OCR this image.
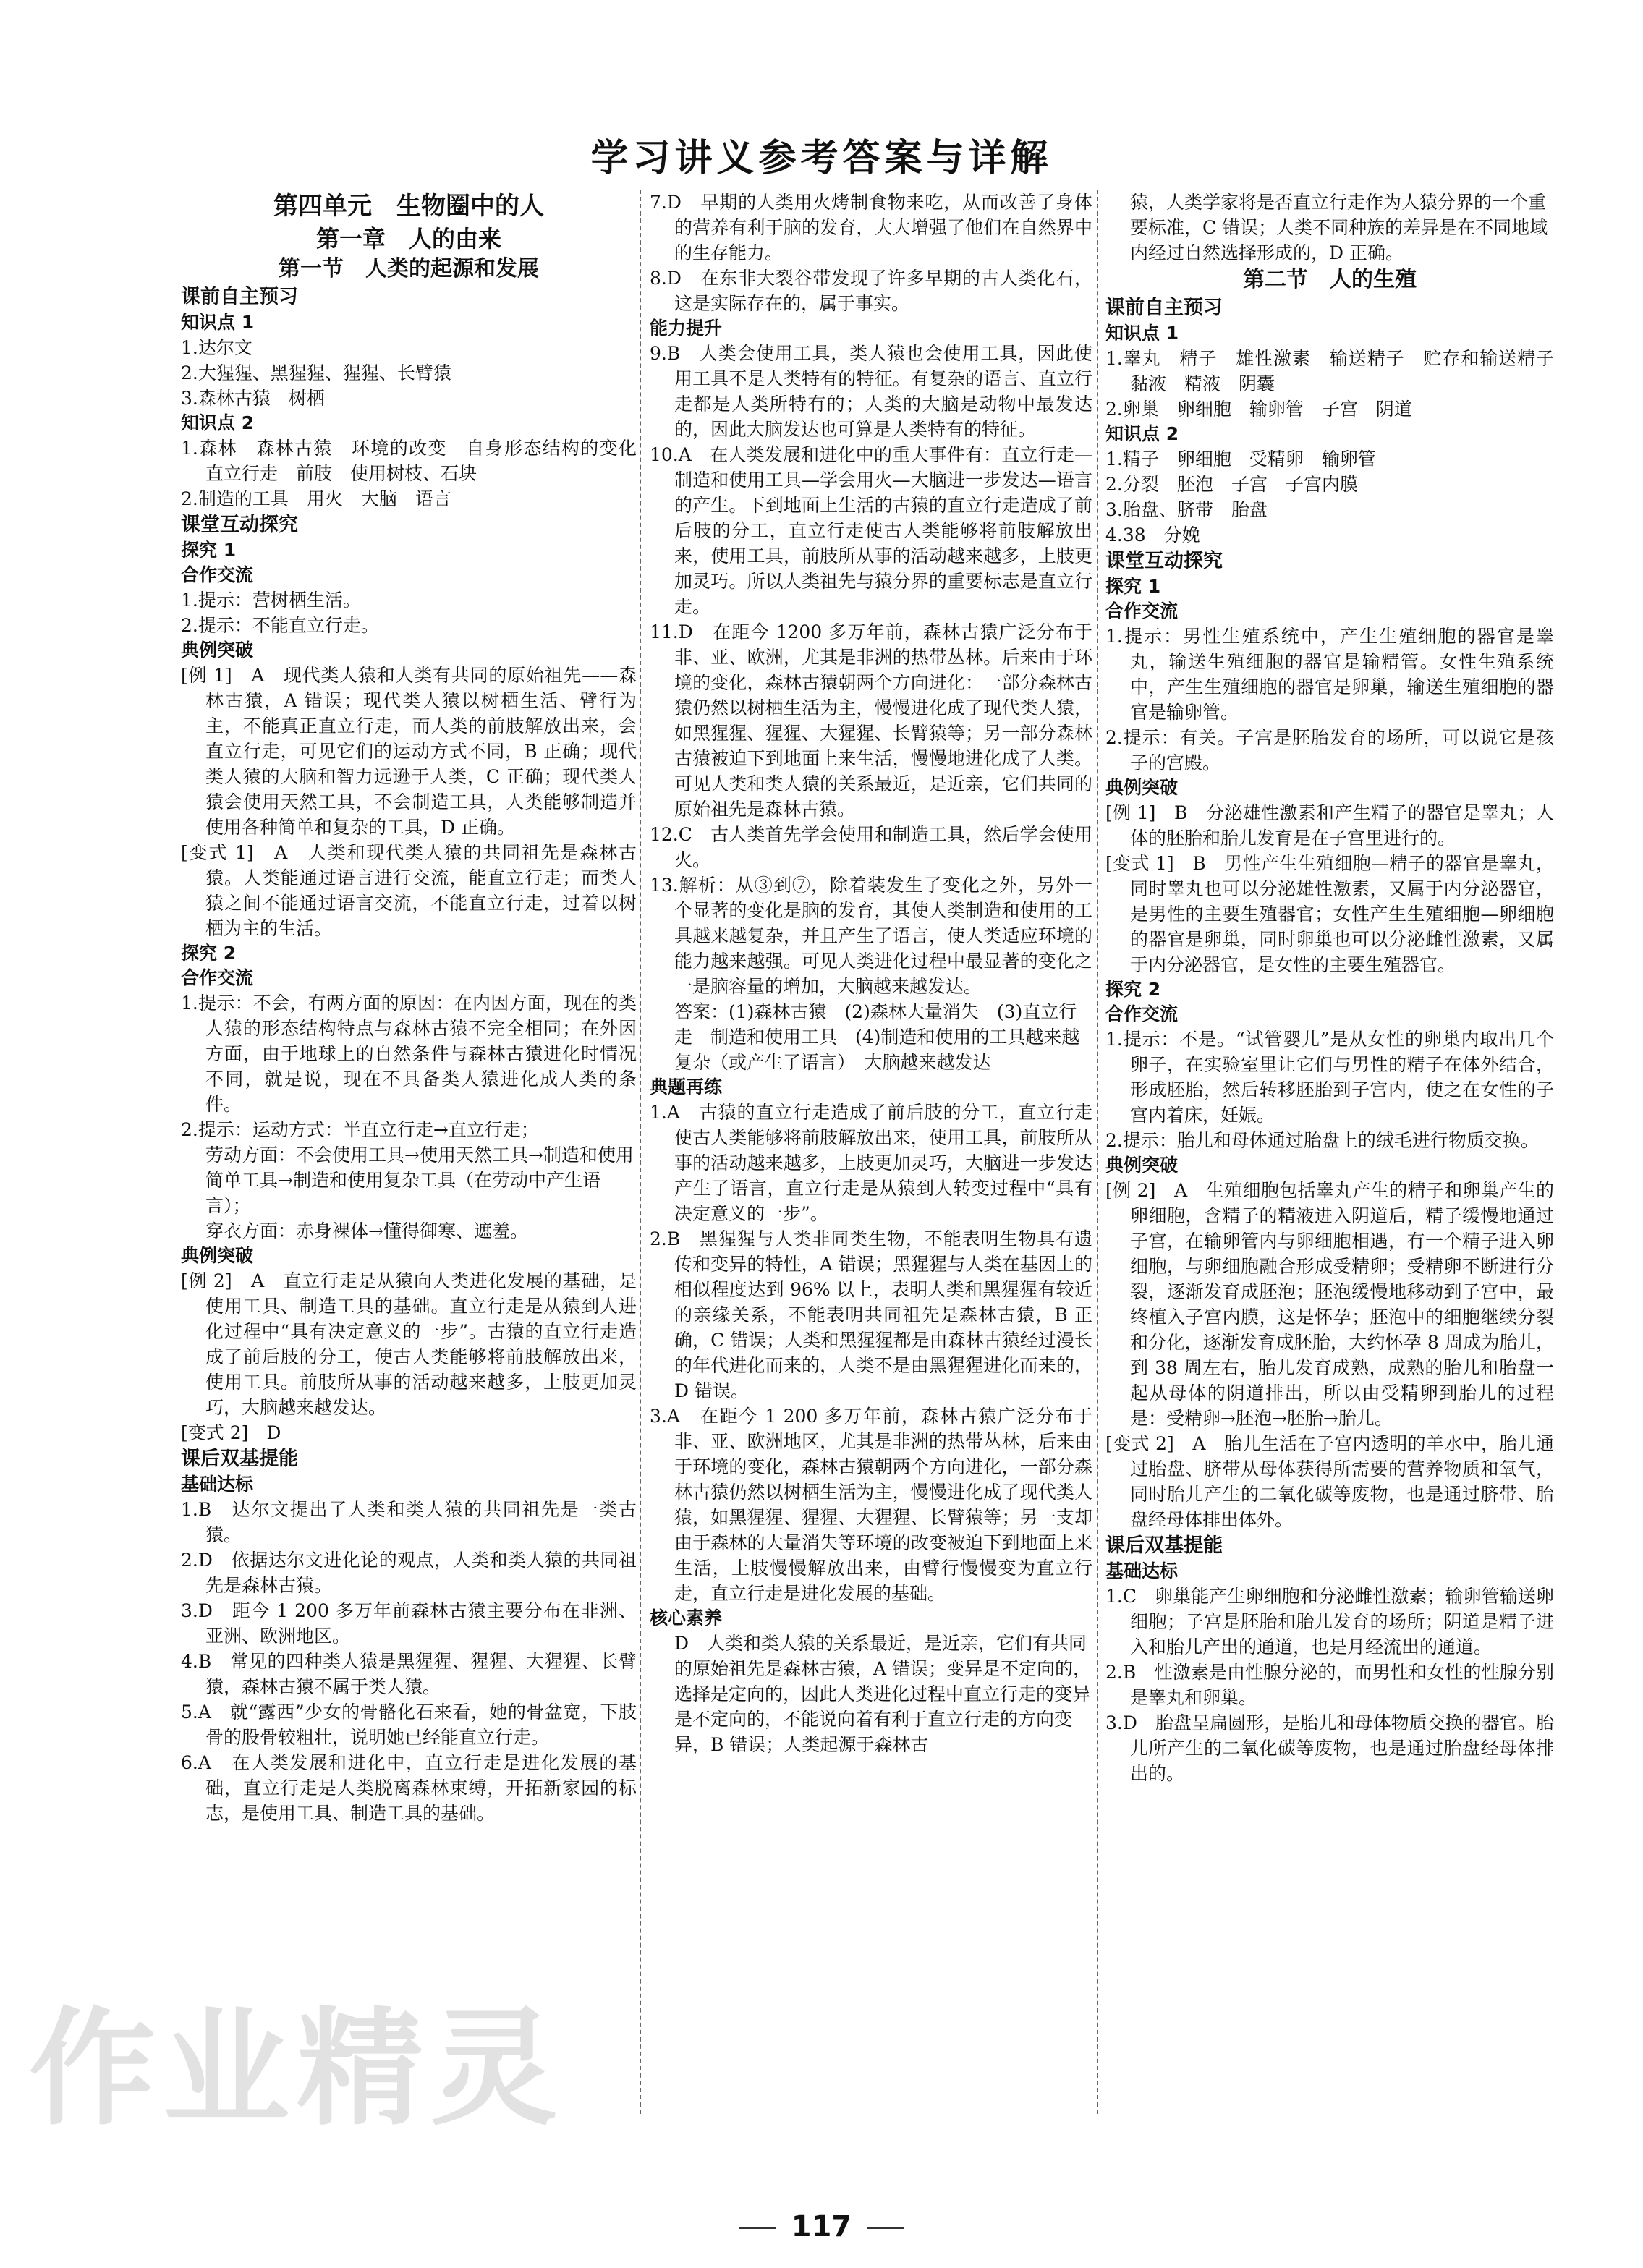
学习讲义参考答案与详解
第四单元　生物圈中的人
第一章　人的由来
第一节　人类的起源和发展
课前自主预习
知识点 1
1.达尔文
2.大猩猩、黑猩猩、猩猩、长臂猿
3.森林古猿　树栖
知识点 2
1.森林　森林古猿　环境的改变　自身形态结构的变化　直立行走　前肢　使用树枝、石块
2.制造的工具　用火　大脑　语言
课堂互动探究
探究 1
合作交流
1.提示：营树栖生活。
2.提示：不能直立行走。
典例突破
[例 1]　A　现代类人猿和人类有共同的原始祖先——森林古猿，A 错误；现代类人猿以树栖生活、臂行为主，不能真正直立行走，而人类的前肢解放出来，会直立行走，可见它们的运动方式不同，B 正确；现代类人猿的大脑和智力远逊于人类，C 正确；现代类人猿会使用天然工具，不会制造工具，人类能够制造并使用各种简单和复杂的工具，D 正确。
[变式 1]　A　人类和现代类人猿的共同祖先是森林古猿。人类能通过语言进行交流，能直立行走；而类人猿之间不能通过语言交流，不能直立行走，过着以树栖为主的生活。
探究 2
合作交流
1.提示：不会，有两方面的原因：在内因方面，现在的类人猿的形态结构特点与森林古猿不完全相同；在外因方面，由于地球上的自然条件与森林古猿进化时情况不同，就是说，现在不具备类人猿进化成人类的条件。
2.提示：运动方式：半直立行走→直立行走；
劳动方面：不会使用工具→使用天然工具→制造和使用简单工具→制造和使用复杂工具（在劳动中产生语言）；
穿衣方面：赤身裸体→懂得御寒、遮羞。
典例突破
[例 2]　A　直立行走是从猿向人类进化发展的基础，是使用工具、制造工具的基础。直立行走是从猿到人进化过程中“具有决定意义的一步”。古猿的直立行走造成了前后肢的分工，使古人类能够将前肢解放出来，使用工具。前肢所从事的活动越来越多，上肢更加灵巧，大脑越来越发达。
[变式 2]　D
课后双基提能
基础达标
1.B　达尔文提出了人类和类人猿的共同祖先是一类古猿。
2.D　依据达尔文进化论的观点，人类和类人猿的共同祖先是森林古猿。
3.D　距今 1 200 多万年前森林古猿主要分布在非洲、亚洲、欧洲地区。
4.B　常见的四种类人猿是黑猩猩、猩猩、大猩猩、长臂猿，森林古猿不属于类人猿。
5.A　就“露西”少女的骨骼化石来看，她的骨盆宽，下肢骨的股骨较粗壮，说明她已经能直立行走。
6.A　在人类发展和进化中，直立行走是进化发展的基础，直立行走是人类脱离森林束缚，开拓新家园的标志，是使用工具、制造工具的基础。
7.D　早期的人类用火烤制食物来吃，从而改善了身体的营养有利于脑的发育，大大增强了他们在自然界中的生存能力。
8.D　在东非大裂谷带发现了许多早期的古人类化石，这是实际存在的，属于事实。
能力提升
9.B　人类会使用工具，类人猿也会使用工具，因此使用工具不是人类特有的特征。有复杂的语言、直立行走都是人类所特有的；人类的大脑是动物中最发达的，因此大脑发达也可算是人类特有的特征。
10.A　在人类发展和进化中的重大事件有：直立行走—制造和使用工具—学会用火—大脑进一步发达—语言的产生。下到地面上生活的古猿的直立行走造成了前后肢的分工，直立行走使古人类能够将前肢解放出来，使用工具，前肢所从事的活动越来越多，上肢更加灵巧。所以人类祖先与猿分界的重要标志是直立行走。
11.D　在距今 1200 多万年前，森林古猿广泛分布于非、亚、欧洲，尤其是非洲的热带丛林。后来由于环境的变化，森林古猿朝两个方向进化：一部分森林古猿仍然以树栖生活为主，慢慢进化成了现代类人猿，如黑猩猩、猩猩、大猩猩、长臂猿等；另一部分森林古猿被迫下到地面上来生活，慢慢地进化成了人类。可见人类和类人猿的关系最近，是近亲，它们共同的原始祖先是森林古猿。
12.C　古人类首先学会使用和制造工具，然后学会使用火。
13.解析：从③到⑦，除着装发生了变化之外，另外一个显著的变化是脑的发育，其使人类制造和使用的工具越来越复杂，并且产生了语言，使人类适应环境的能力越来越强。可见人类进化过程中最显著的变化之一是脑容量的增加，大脑越来越发达。
答案：(1)森林古猿　(2)森林大量消失　(3)直立行走　制造和使用工具　(4)制造和使用的工具越来越复杂（或产生了语言）　大脑越来越发达
典题再练
1.A　古猿的直立行走造成了前后肢的分工，直立行走使古人类能够将前肢解放出来，使用工具，前肢所从事的活动越来越多，上肢更加灵巧，大脑进一步发达产生了语言，直立行走是从猿到人转变过程中“具有决定意义的一步”。
2.B　黑猩猩与人类非同类生物，不能表明生物具有遗传和变异的特性，A 错误；黑猩猩与人类在基因上的相似程度达到 96% 以上，表明人类和黑猩猩有较近的亲缘关系，不能表明共同祖先是森林古猿，B 正确，C 错误；人类和黑猩猩都是由森林古猿经过漫长的年代进化而来的，人类不是由黑猩猩进化而来的，D 错误。
3.A　在距今 1 200 多万年前，森林古猿广泛分布于非、亚、欧洲地区，尤其是非洲的热带丛林，后来由于环境的变化，森林古猿朝两个方向进化，一部分森林古猿仍然以树栖生活为主，慢慢进化成了现代类人猿，如黑猩猩、猩猩、大猩猩、长臂猿等；另一支却由于森林的大量消失等环境的改变被迫下到地面上来生活，上肢慢慢解放出来，由臂行慢慢变为直立行走，直立行走是进化发展的基础。
核心素养
D　人类和类人猿的关系最近，是近亲，它们有共同的原始祖先是森林古猿，A 错误；变异是不定向的，选择是定向的，因此人类进化过程中直立行走的变异是不定向的，不能说向着有利于直立行走的方向变异，B 错误；人类起源于森林古
猿，人类学家将是否直立行走作为人猿分界的一个重要标准，C 错误；人类不同种族的差异是在不同地域内经过自然选择形成的，D 正确。
第二节　人的生殖
课前自主预习
知识点 1
1.睾丸　精子　雄性激素　输送精子　贮存和输送精子　黏液　精液　阴囊
2.卵巢　卵细胞　输卵管　子宫　阴道
知识点 2
1.精子　卵细胞　受精卵　输卵管
2.分裂　胚泡　子宫　子宫内膜
3.胎盘、脐带　胎盘
4.38　分娩
课堂互动探究
探究 1
合作交流
1.提示：男性生殖系统中，产生生殖细胞的器官是睾丸，输送生殖细胞的器官是输精管。女性生殖系统中，产生生殖细胞的器官是卵巢，输送生殖细胞的器官是输卵管。
2.提示：有关。子宫是胚胎发育的场所，可以说它是孩子的宫殿。
典例突破
[例 1]　B　分泌雄性激素和产生精子的器官是睾丸；人体的胚胎和胎儿发育是在子宫里进行的。
[变式 1]　B　男性产生生殖细胞—精子的器官是睾丸，同时睾丸也可以分泌雄性激素，又属于内分泌器官，是男性的主要生殖器官；女性产生生殖细胞—卵细胞的器官是卵巢，同时卵巢也可以分泌雌性激素，又属于内分泌器官，是女性的主要生殖器官。
探究 2
合作交流
1.提示：不是。“试管婴儿”是从女性的卵巢内取出几个卵子，在实验室里让它们与男性的精子在体外结合，形成胚胎，然后转移胚胎到子宫内，使之在女性的子宫内着床，妊娠。
2.提示：胎儿和母体通过胎盘上的绒毛进行物质交换。
典例突破
[例 2]　A　生殖细胞包括睾丸产生的精子和卵巢产生的卵细胞，含精子的精液进入阴道后，精子缓慢地通过子宫，在输卵管内与卵细胞相遇，有一个精子进入卵细胞，与卵细胞融合形成受精卵；受精卵不断进行分裂，逐渐发育成胚泡；胚泡缓慢地移动到子宫中，最终植入子宫内膜，这是怀孕；胚泡中的细胞继续分裂和分化，逐渐发育成胚胎，大约怀孕 8 周成为胎儿，到 38 周左右，胎儿发育成熟，成熟的胎儿和胎盘一起从母体的阴道排出，所以由受精卵到胎儿的过程是：受精卵→胚泡→胚胎→胎儿。
[变式 2]　A　胎儿生活在子宫内透明的羊水中，胎儿通过胎盘、脐带从母体获得所需要的营养物质和氧气，同时胎儿产生的二氧化碳等废物，也是通过脐带、胎盘经母体排出体外。
课后双基提能
基础达标
1.C　卵巢能产生卵细胞和分泌雌性激素；输卵管输送卵细胞；子宫是胚胎和胎儿发育的场所；阴道是精子进入和胎儿产出的通道，也是月经流出的通道。
2.B　性激素是由性腺分泌的，而男性和女性的性腺分别是睾丸和卵巢。
3.D　胎盘呈扁圆形，是胎儿和母体物质交换的器官。胎儿所产生的二氧化碳等废物，也是通过胎盘经母体排出的。
117
作业精灵
